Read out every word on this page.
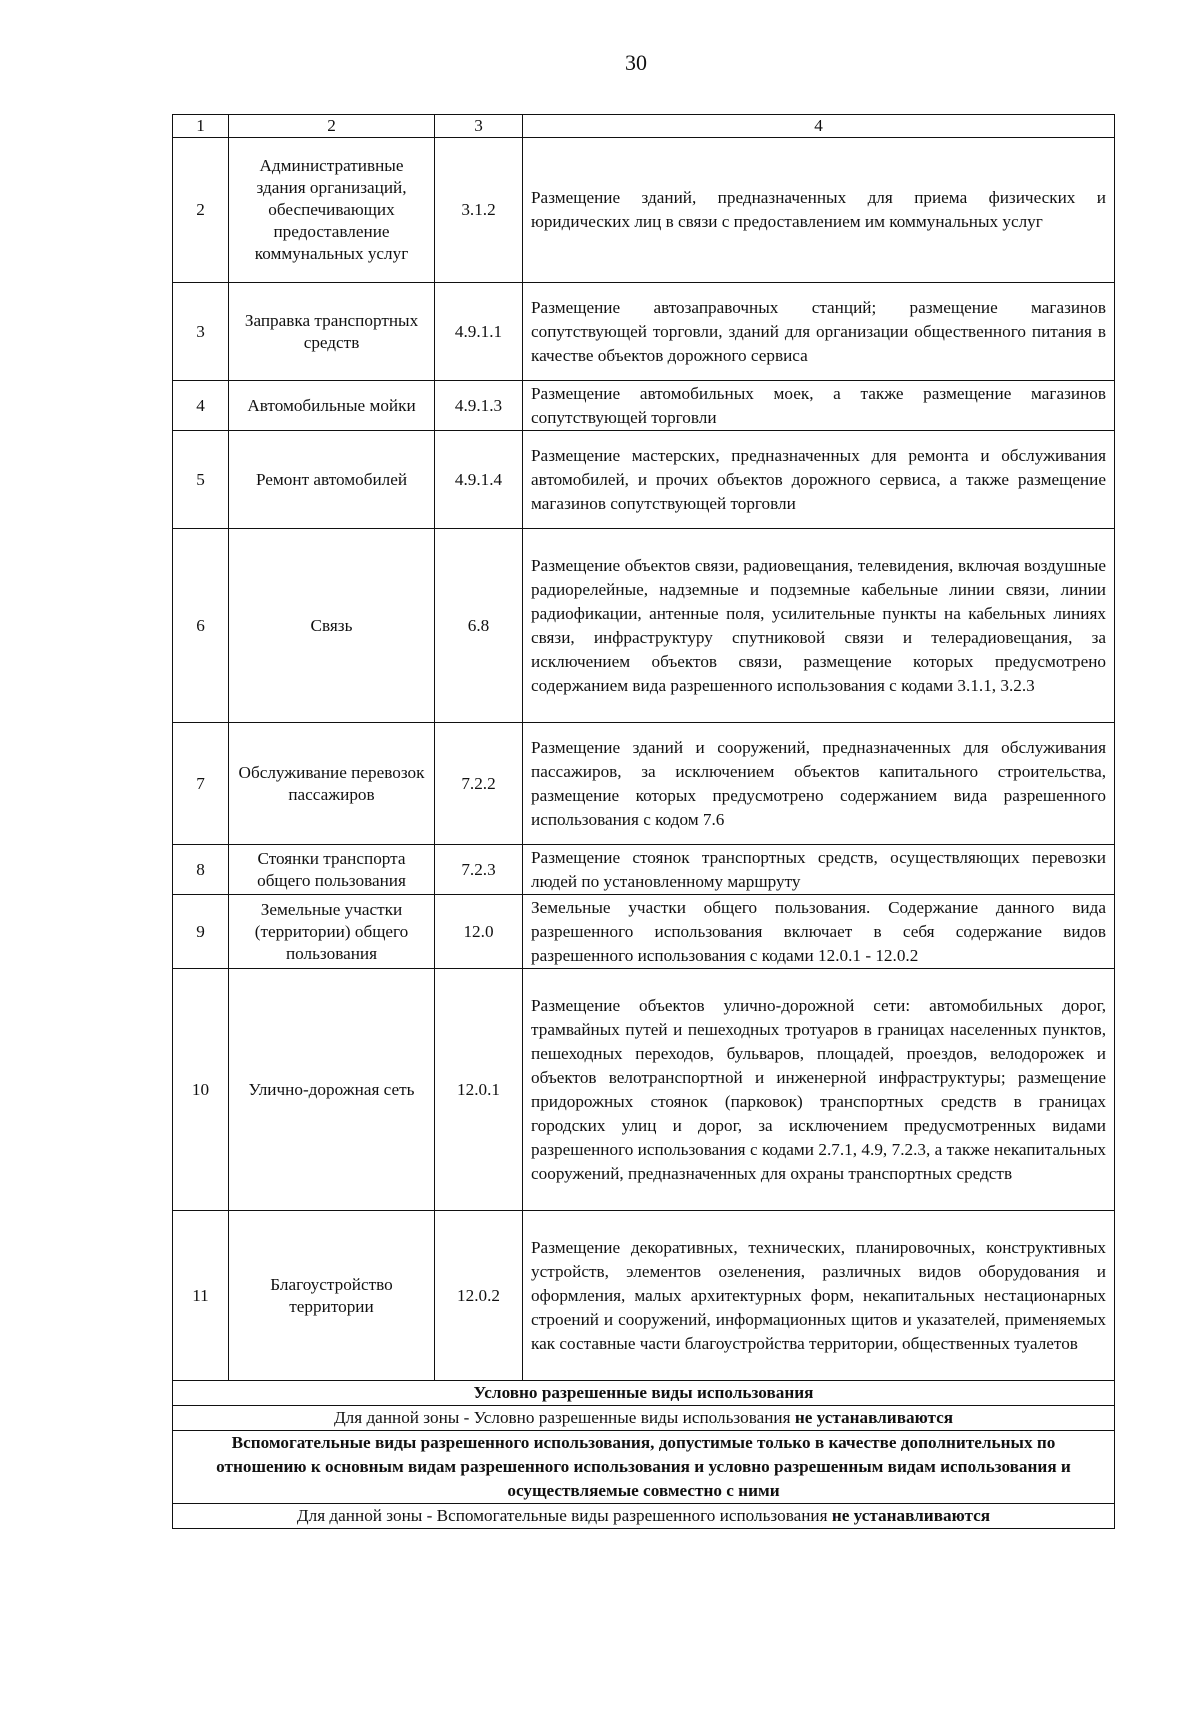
30
1	2	3	4
2	Административные здания организаций, обеспечивающих предоставление коммунальных услуг	3.1.2	Размещение зданий, предназначенных для приема физических и юридических лиц в связи с предоставлением им коммунальных услуг
3	Заправка транспортных средств	4.9.1.1	Размещение автозаправочных станций; размещение магазинов сопутствующей торговли, зданий для организации общественного питания в качестве объектов дорожного сервиса
4	Автомобильные мойки	4.9.1.3	Размещение автомобильных моек, а также размещение магазинов сопутствующей торговли
5	Ремонт автомобилей	4.9.1.4	Размещение мастерских, предназначенных для ремонта и обслуживания автомобилей, и прочих объектов дорожного сервиса, а также размещение магазинов сопутствующей торговли
6	Связь	6.8	Размещение объектов связи, радиовещания, телевидения, включая воздушные радиорелейные, надземные и подземные кабельные линии связи, линии радиофикации, антенные поля, усилительные пункты на кабельных линиях связи, инфраструктуру спутниковой связи и телерадиовещания, за исключением объектов связи, размещение которых предусмотрено содержанием вида разрешенного использования с кодами 3.1.1, 3.2.3
7	Обслуживание перевозок пассажиров	7.2.2	Размещение зданий и сооружений, предназначенных для обслуживания пассажиров, за исключением объектов капитального строительства, размещение которых предусмотрено содержанием вида разрешенного использования с кодом 7.6
8	Стоянки транспорта общего пользования	7.2.3	Размещение стоянок транспортных средств, осуществляющих перевозки людей по установленному маршруту
9	Земельные участки (территории) общего пользования	12.0	Земельные участки общего пользования. Содержание данного вида разрешенного использования включает в себя содержание видов разрешенного использования с кодами 12.0.1 - 12.0.2
10	Улично-дорожная сеть	12.0.1	Размещение объектов улично-дорожной сети: автомобильных дорог, трамвайных путей и пешеходных тротуаров в границах населенных пунктов, пешеходных переходов, бульваров, площадей, проездов, велодорожек и объектов велотранспортной и инженерной инфраструктуры; размещение придорожных стоянок (парковок) транспортных средств в границах городских улиц и дорог, за исключением предусмотренных видами разрешенного использования с кодами 2.7.1, 4.9, 7.2.3, а также некапитальных сооружений, предназначенных для охраны транспортных средств
11	Благоустройство территории	12.0.2	Размещение декоративных, технических, планировочных, конструктивных устройств, элементов озеленения, различных видов оборудования и оформления, малых архитектурных форм, некапитальных нестационарных строений и сооружений, информационных щитов и указателей, применяемых как составные части благоустройства территории, общественных туалетов
Условно разрешенные виды использования			
Для данной зоны - Условно разрешенные виды использования не устанавливаются			
Вспомогательные виды разрешенного использования, допустимые только в качестве дополнительных по отношению к основным видам разрешенного использования и условно разрешенным видам использования и осуществляемые совместно с ними			
Для данной зоны - Вспомогательные виды разрешенного использования не устанавливаются			
